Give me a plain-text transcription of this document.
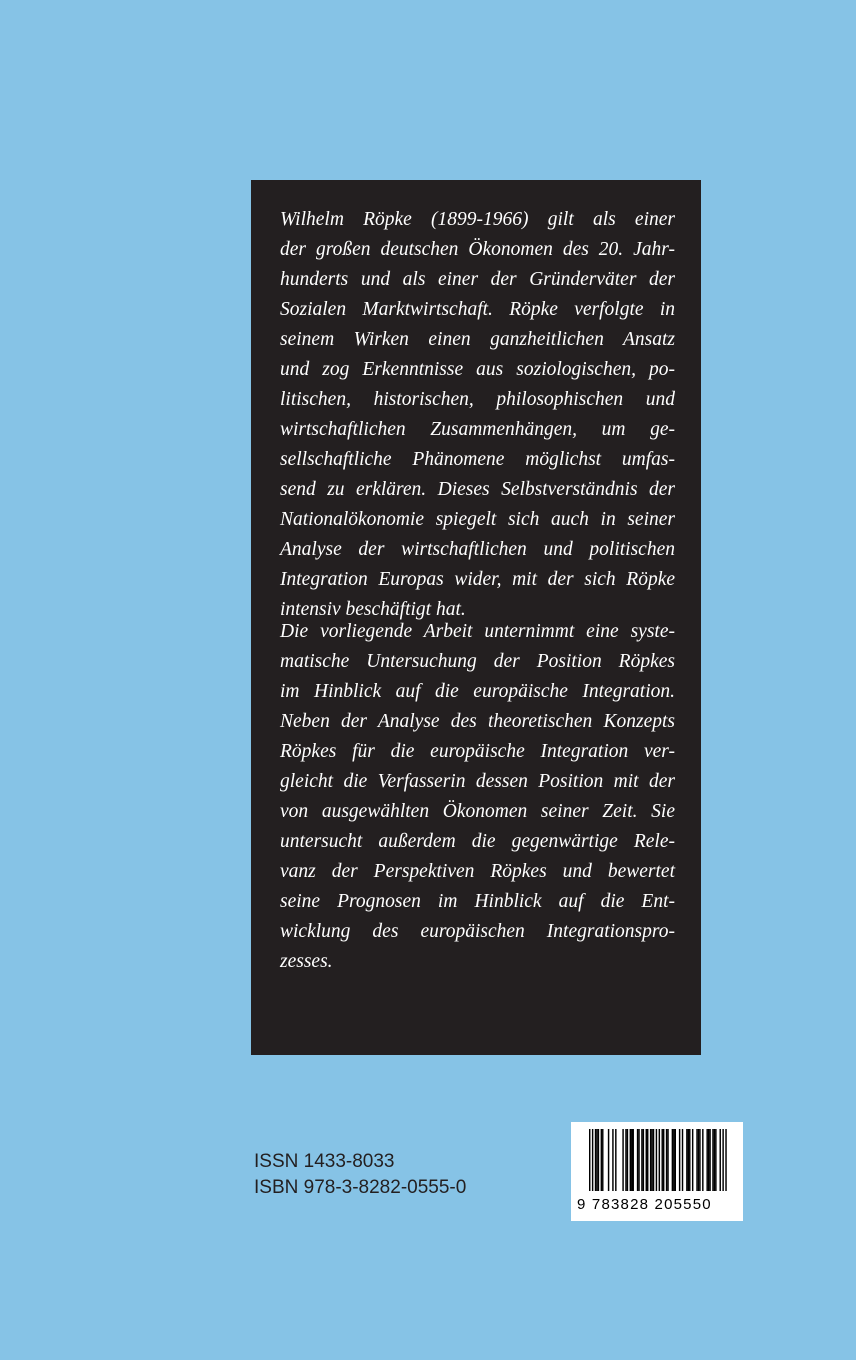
Wilhelm Röpke (1899-1966) gilt als einer
der großen deutschen Ökonomen des 20. Jahr-
hunderts und als einer der Gründerväter der
Sozialen Marktwirtschaft. Röpke verfolgte in
seinem Wirken einen ganzheitlichen Ansatz
und zog Erkenntnisse aus soziologischen, po-
litischen, historischen, philosophischen und
wirtschaftlichen Zusammenhängen, um ge-
sellschaftliche Phänomene möglichst umfas-
send zu erklären. Dieses Selbstverständnis der
Nationalökonomie spiegelt sich auch in seiner
Analyse der wirtschaftlichen und politischen
Integration Europas wider, mit der sich Röpke
intensiv beschäftigt hat.
Die vorliegende Arbeit unternimmt eine syste-
matische Untersuchung der Position Röpkes
im Hinblick auf die europäische Integration.
Neben der Analyse des theoretischen Konzepts
Röpkes für die europäische Integration ver-
gleicht die Verfasserin dessen Position mit der
von ausgewählten Ökonomen seiner Zeit. Sie
untersucht außerdem die gegenwärtige Rele-
vanz der Perspektiven Röpkes und bewertet
seine Prognosen im Hinblick auf die Ent-
wicklung des europäischen Integrationspro-
zesses.
ISSN 1433-8033
ISBN 978-3-8282-0555-0
9 783828 205550
